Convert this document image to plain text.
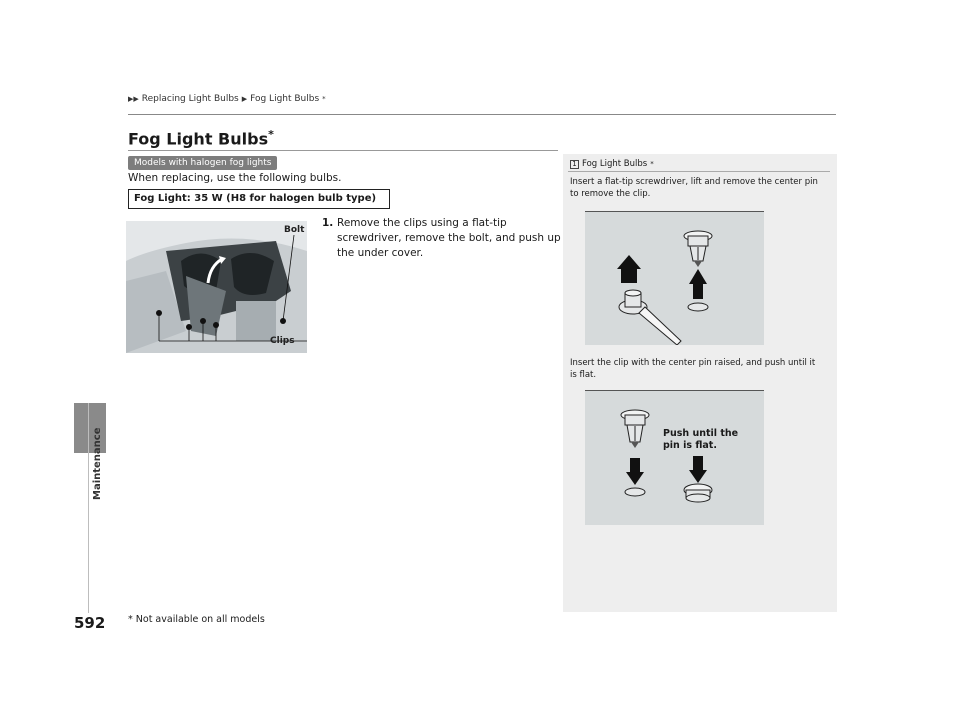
Maintenance
▶▶ Replacing Light Bulbs ▶ Fog Light Bulbs *
Fog Light Bulbs*
Models with halogen fog lights
When replacing, use the following bulbs.
Fog Light: 35 W (H8 for halogen bulb type)
1. Remove the clips using a flat-tip screwdriver, remove the bolt, and push up the under cover.
Bolt
Clips
1 Fog Light Bulbs *
Insert a flat-tip screwdriver, lift and remove the center pin to remove the clip.
Insert the clip with the center pin raised, and push until it is flat.
Push until the pin is flat.
592 * Not available on all models
